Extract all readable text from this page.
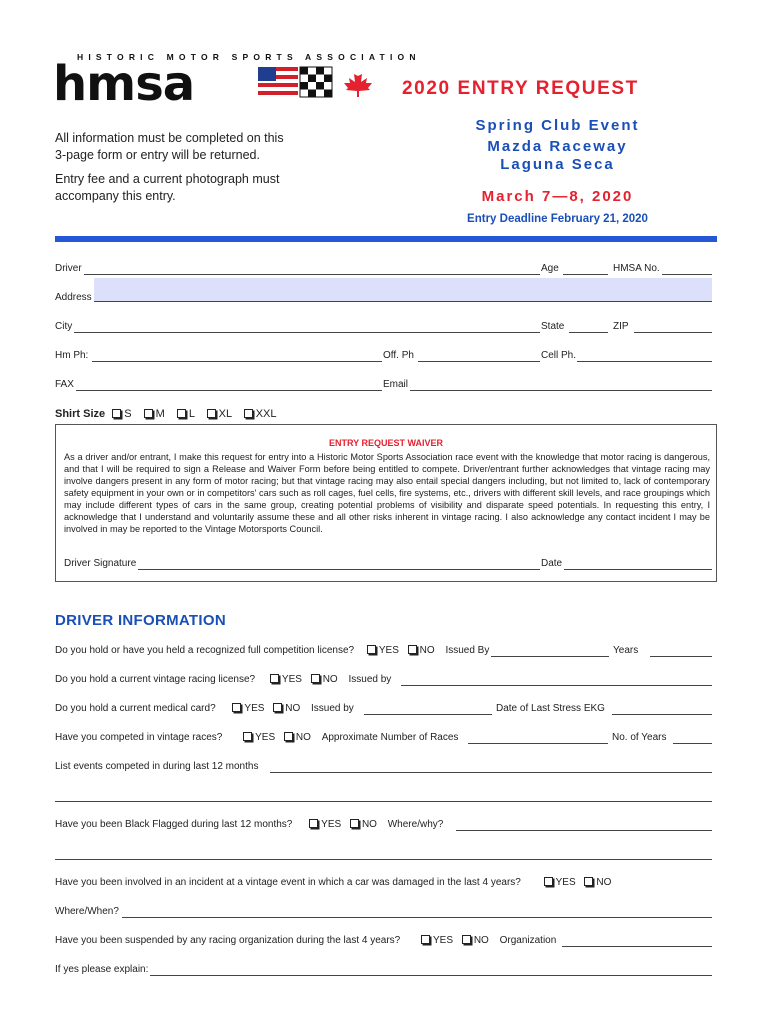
HISTORIC MOTOR SPORTS ASSOCIATION
hmsa	2020 ENTRY REQUEST
Spring Club Event
Mazda Raceway
Laguna Seca
March 7—8, 2020
Entry Deadline February 21, 2020
All information must be completed on this
3-page form or entry will be returned.
Entry fee and a current photograph must
accompany this entry.
Driver	Age	HMSA No.
Address
City	State	ZIP
Hm Ph:	Off. Ph	Cell Ph.
FAX	Email
Shirt Size S M L XL XXL
ENTRY REQUEST WAIVER
As a driver and/or entrant, I make this request for entry into a Historic Motor Sports Association race event with the knowledge that motor racing is dangerous, and that I will be required to sign a Release and Waiver Form before being entitled to compete. Driver/entrant further acknowledges that vintage racing may involve dangers present in any form of motor racing; but that vintage racing may also entail special dangers including, but not limited to, lack of contemporary safety equipment in your own or in competitors' cars such as roll cages, fuel cells, fire systems, etc., drivers with different skill levels, and race groupings which may include different types of cars in the same group, creating potential problems of visibility and disparate speed potentials. In requesting this entry, I acknowledge that I understand and voluntarily assume these and all other risks inherent in vintage racing. I also acknowledge any contact incident I may be involved in may be reported to the Vintage Motorsports Council.
Driver Signature	Date
DRIVER INFORMATION
Do you hold or have you held a recognized full competition license? YES NO Issued By	Years
Do you hold a current vintage racing license?	YES NO Issued by
Do you hold a current medical card?	YES NO Issued by	Date of Last Stress EKG
Have you competed in vintage races?	YES NO Approximate Number of Races	No. of Years
List events competed in during last 12 months
Have you been Black Flagged during last 12 months?	YES NO Where/why?
Have you been involved in an incident at a vintage event in which a car was damaged in the last 4 years?	YES NO
Where/When?
Have you been suspended by any racing organization during the last 4 years?	YES NO Organization
If yes please explain:
